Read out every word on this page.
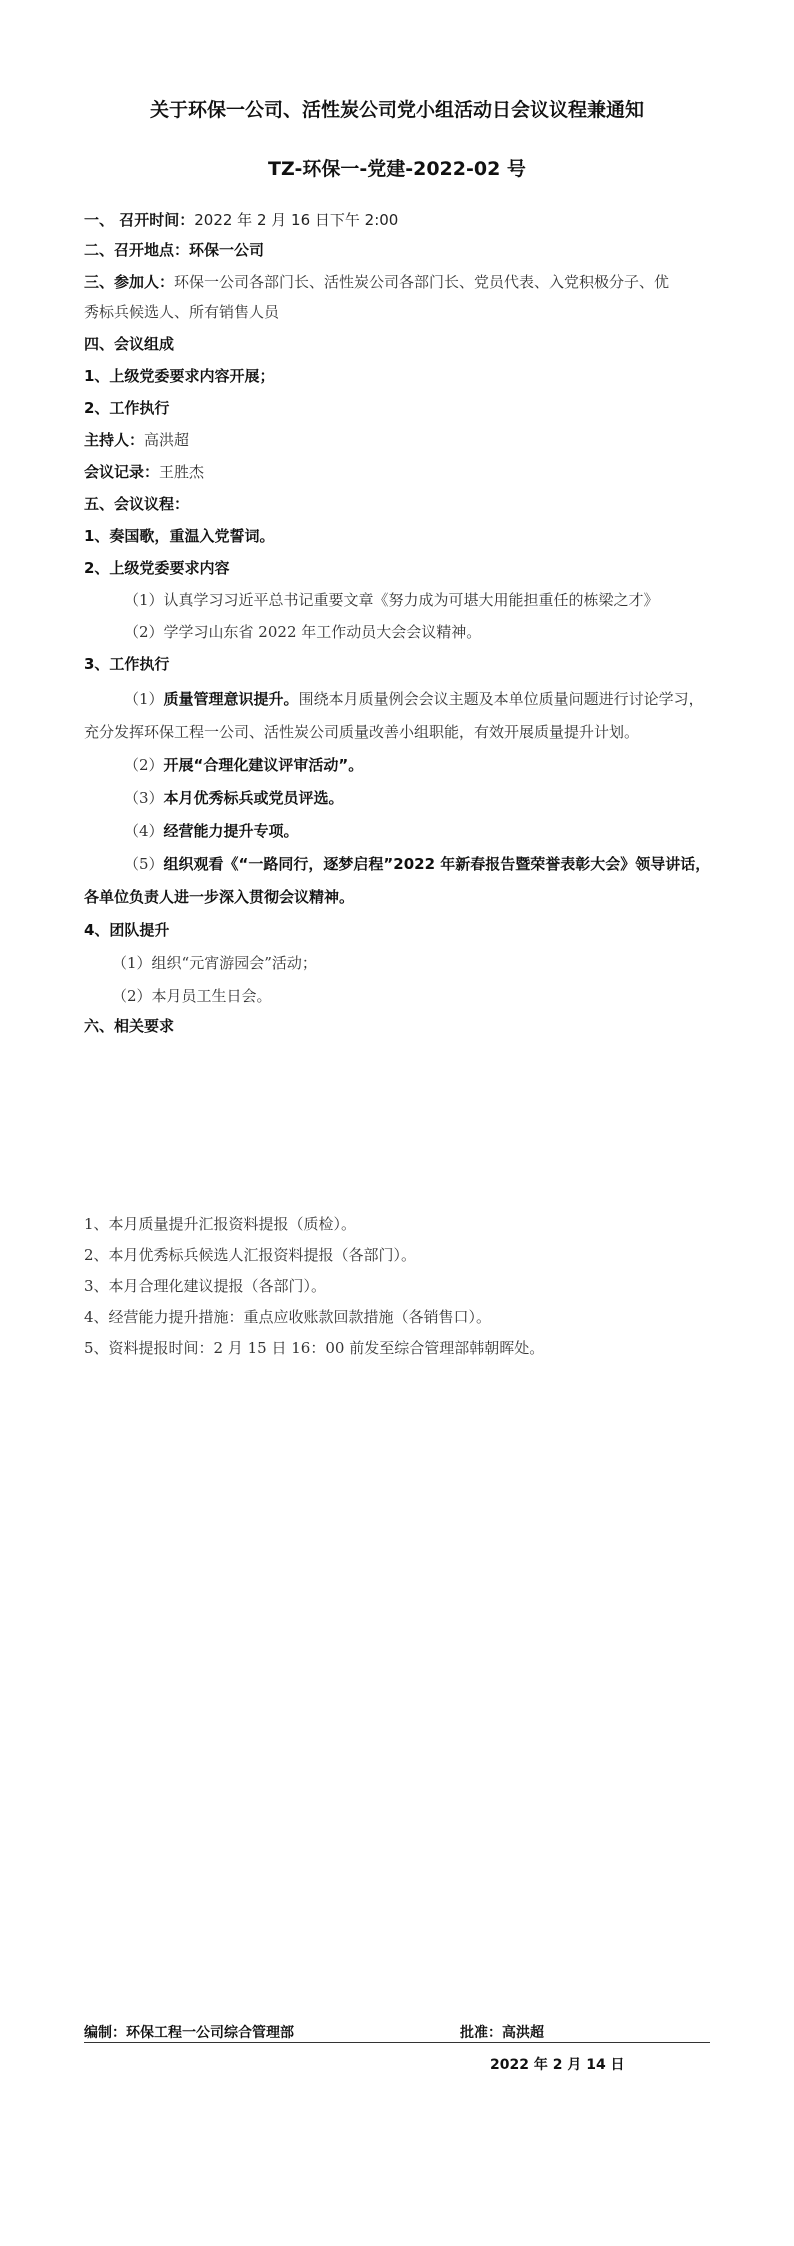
关于环保一公司、活性炭公司党小组活动日会议议程兼通知
TZ-环保一-党建-2022-02 号
一、 召开时间：2022 年 2 月 16 日下午 2:00
二、召开地点：环保一公司
三、参加人：环保一公司各部门长、活性炭公司各部门长、党员代表、入党积极分子、优
秀标兵候选人、所有销售人员
四、会议组成
1、上级党委要求内容开展；
2、工作执行
主持人：高洪超
会议记录：王胜杰
五、会议议程：
1、奏国歌，重温入党誓词。
2、上级党委要求内容
（1）认真学习习近平总书记重要文章《努力成为可堪大用能担重任的栋梁之才》
（2）学学习山东省 2022 年工作动员大会会议精神。
3、工作执行
（1）质量管理意识提升。围绕本月质量例会会议主题及本单位质量问题进行讨论学习，
充分发挥环保工程一公司、活性炭公司质量改善小组职能，有效开展质量提升计划。
（2）开展“合理化建议评审活动”。
（3）本月优秀标兵或党员评选。
（4）经营能力提升专项。
（5）组织观看《“一路同行，逐梦启程”2022 年新春报告暨荣誉表彰大会》领导讲话，
各单位负责人进一步深入贯彻会议精神。
4、团队提升
（1）组织“元宵游园会”活动；
（2）本月员工生日会。
六、相关要求
1、本月质量提升汇报资料提报（质检）。
2、本月优秀标兵候选人汇报资料提报（各部门）。
3、本月合理化建议提报（各部门）。
4、经营能力提升措施：重点应收账款回款措施（各销售口）。
5、资料提报时间：2 月 15 日 16：00 前发至综合管理部韩朝晖处。
编制：环保工程一公司综合管理部	批准：高洪超
2022 年 2 月 14 日
